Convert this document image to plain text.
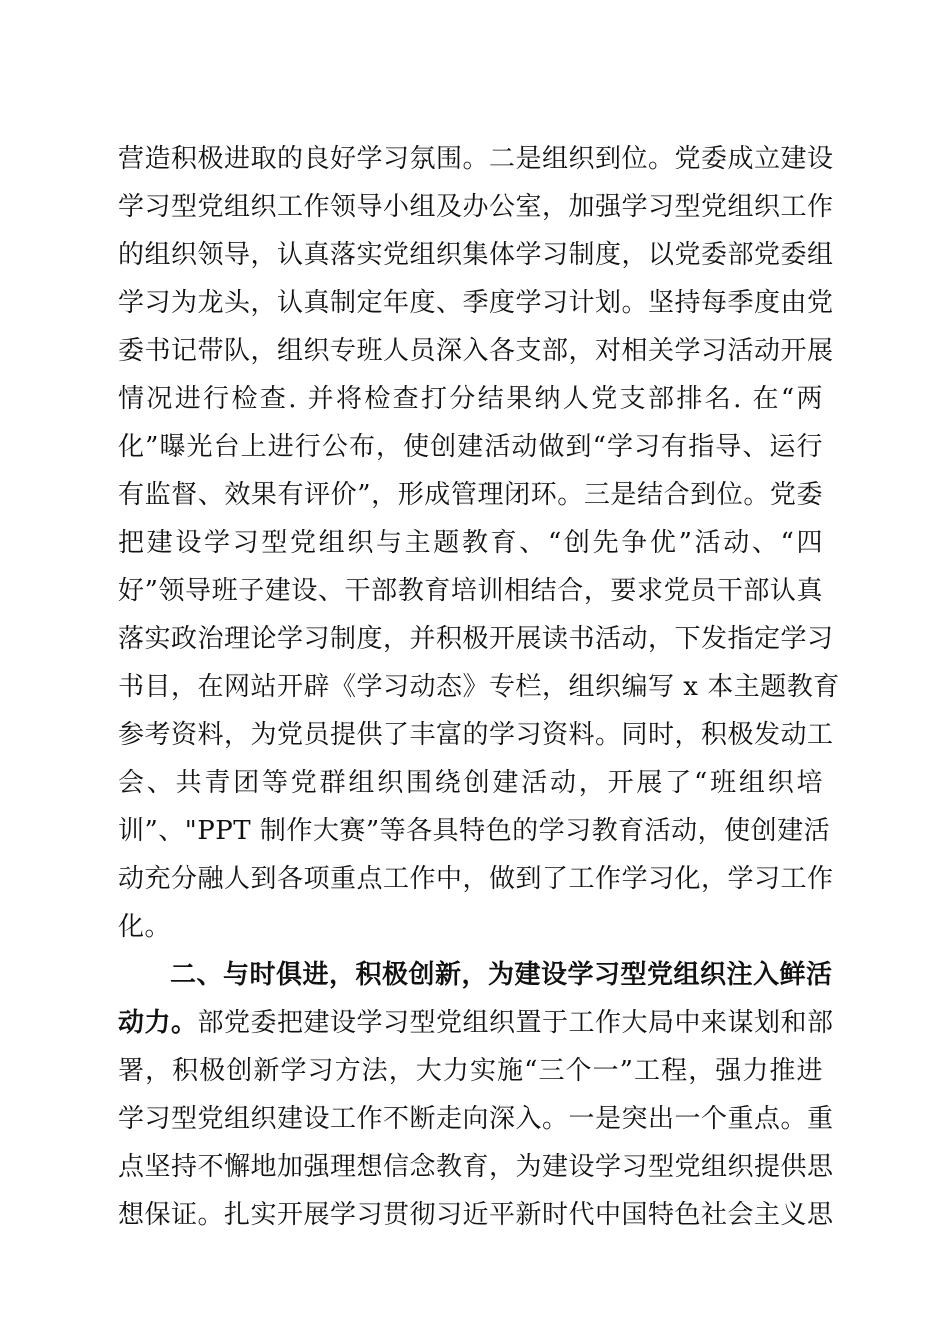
营造积极进取的良好学习氛围。二是组织到位。党委成立建设
学习型党组织工作领导小组及办公室，加强学习型党组织工作
的组织领导，认真落实党组织集体学习制度，以党委部党委组
学习为龙头，认真制定年度、季度学习计划。坚持每季度由党
委书记带队，组织专班人员深入各支部，对相关学习活动开展
情况进行检查. 并将检查打分结果纳人党支部排名. 在“两
化”曝光台上进行公布，使创建活动做到“学习有指导、运行
有监督、效果有评价”，形成管理闭环。三是结合到位。党委
把建设学习型党组织与主题教育、“创先争优”活动、“四
好”领导班子建设、干部教育培训相结合，要求党员干部认真
落实政治理论学习制度，并积极开展读书活动，下发指定学习
书目，在网站开辟《学习动态》专栏，组织编写 x 本主题教育
参考资料，为党员提供了丰富的学习资料。同时，积极发动工
会、共青团等党群组织围绕创建活动，开展了“班组织培
训”、"PPT 制作大赛”等各具特色的学习教育活动，使创建活
动充分融人到各项重点工作中，做到了工作学习化，学习工作
化。
二、与时俱进，积极创新，为建设学习型党组织注入鲜活
动力。部党委把建设学习型党组织置于工作大局中来谋划和部
署，积极创新学习方法，大力实施“三个一”工程，强力推进
学习型党组织建设工作不断走向深入。一是突出一个重点。重
点坚持不懈地加强理想信念教育，为建设学习型党组织提供思
想保证。扎实开展学习贯彻习近平新时代中国特色社会主义思
